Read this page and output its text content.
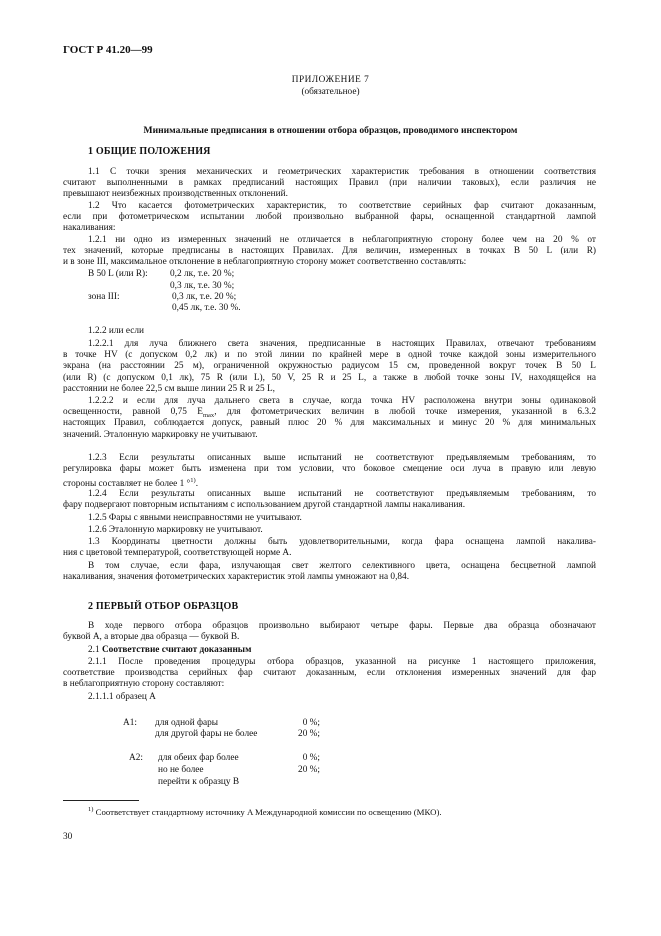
ГОСТ Р 41.20—99
ПРИЛОЖЕНИЕ 7
(обязательное)
Минимальные предписания в отношении отбора образцов, проводимого инспектором
1 ОБЩИЕ ПОЛОЖЕНИЯ
1.1 С точки зрения механических и геометрических характеристик требования в отношении соответствия
считают выполненными в рамках предписаний настоящих Правил (при наличии таковых), если различия не
превышают неизбежных производственных отклонений.
1.2 Что касается фотометрических характеристик, то соответствие серийных фар считают доказанным,
если при фотометрическом испытании любой произвольно выбранной фары, оснащенной стандартной лампой
накаливания:
1.2.1 ни одно из измеренных значений не отличается в неблагоприятную сторону более чем на 20 % от
тех значений, которые предписаны в настоящих Правилах. Для величин, измеренных в точках B 50 L (или R)
и в зоне III, максимальное отклонение в неблагоприятную сторону может соответственно составлять:
B 50 L (или R): 0,2 лк, т.е. 20 %;
0,3 лк, т.е. 30 %;
зона III:	0,3 лк, т.е. 20 %;
0,45 лк, т.е. 30 %.
1.2.2 или если
1.2.2.1 для луча ближнего света значения, предписанные в настоящих Правилах, отвечают требованиям
в точке HV (с допуском 0,2 лк) и по этой линии по крайней мере в одной точке каждой зоны измерительного
экрана (на расстоянии 25 м), ограниченной окружностью радиусом 15 см, проведенной вокруг точек B 50 L
(или R) (с допуском 0,1 лк), 75 R (или L), 50 V, 25 R и 25 L, а также в любой точке зоны IV, находящейся на
расстоянии не более 22,5 см выше линии 25 R и 25 L,
1.2.2.2 и если для луча дальнего света в случае, когда точка HV расположена внутри зоны одинаковой
освещенности, равной 0,75 $E_{max}$, для фотометрических величин в любой точке измерения, указанной в 6.3.2
настоящих Правил, соблюдается допуск, равный плюс 20 % для максимальных и минус 20 % для минимальных
значений. Эталонную маркировку не учитывают.
1.2.3 Если результаты описанных выше испытаний не соответствуют предъявляемым требованиям, то
регулировка фары может быть изменена при том условии, что боковое смещение оси луча в правую или левую
стороны составляет не более 1 °$^{1)}$.
1.2.4 Если результаты описанных выше испытаний не соответствуют предъявляемым требованиям, то
фару подвергают повторным испытаниям с использованием другой стандартной лампы накаливания.
1.2.5 Фары с явными неисправностями не учитывают.
1.2.6 Эталонную маркировку не учитывают.
1.3 Координаты цветности должны быть удовлетворительными, когда фара оснащена лампой накалива-
ния с цветовой температурой, соответствующей норме A.
В том случае, если фара, излучающая свет желтого селективного цвета, оснащена бесцветной лампой
накаливания, значения фотометрических характеристик этой лампы умножают на 0,84.
2 ПЕРВЫЙ ОТБОР ОБРАЗЦОВ
В ходе первого отбора образцов произвольно выбирают четыре фары. Первые два образца обозначают
буквой A, а вторые два образца — буквой B.
2.1 Соответствие считают доказанным
2.1.1 После проведения процедуры отбора образцов, указанной на рисунке 1 настоящего приложения,
соответствие производства серийных фар считают доказанным, если отклонения измеренных значений для фар
в неблагоприятную сторону составляют:
2.1.1.1 образец A
A1: для одной фары	0 %;
для другой фары не более	20 %;
A2: для обеих фар более	0 %;
но не более	20 %;
перейти к образцу B
$^{1)}$ Соответствует стандартному источнику A Международной комиссии по освещению (МКО).
30
